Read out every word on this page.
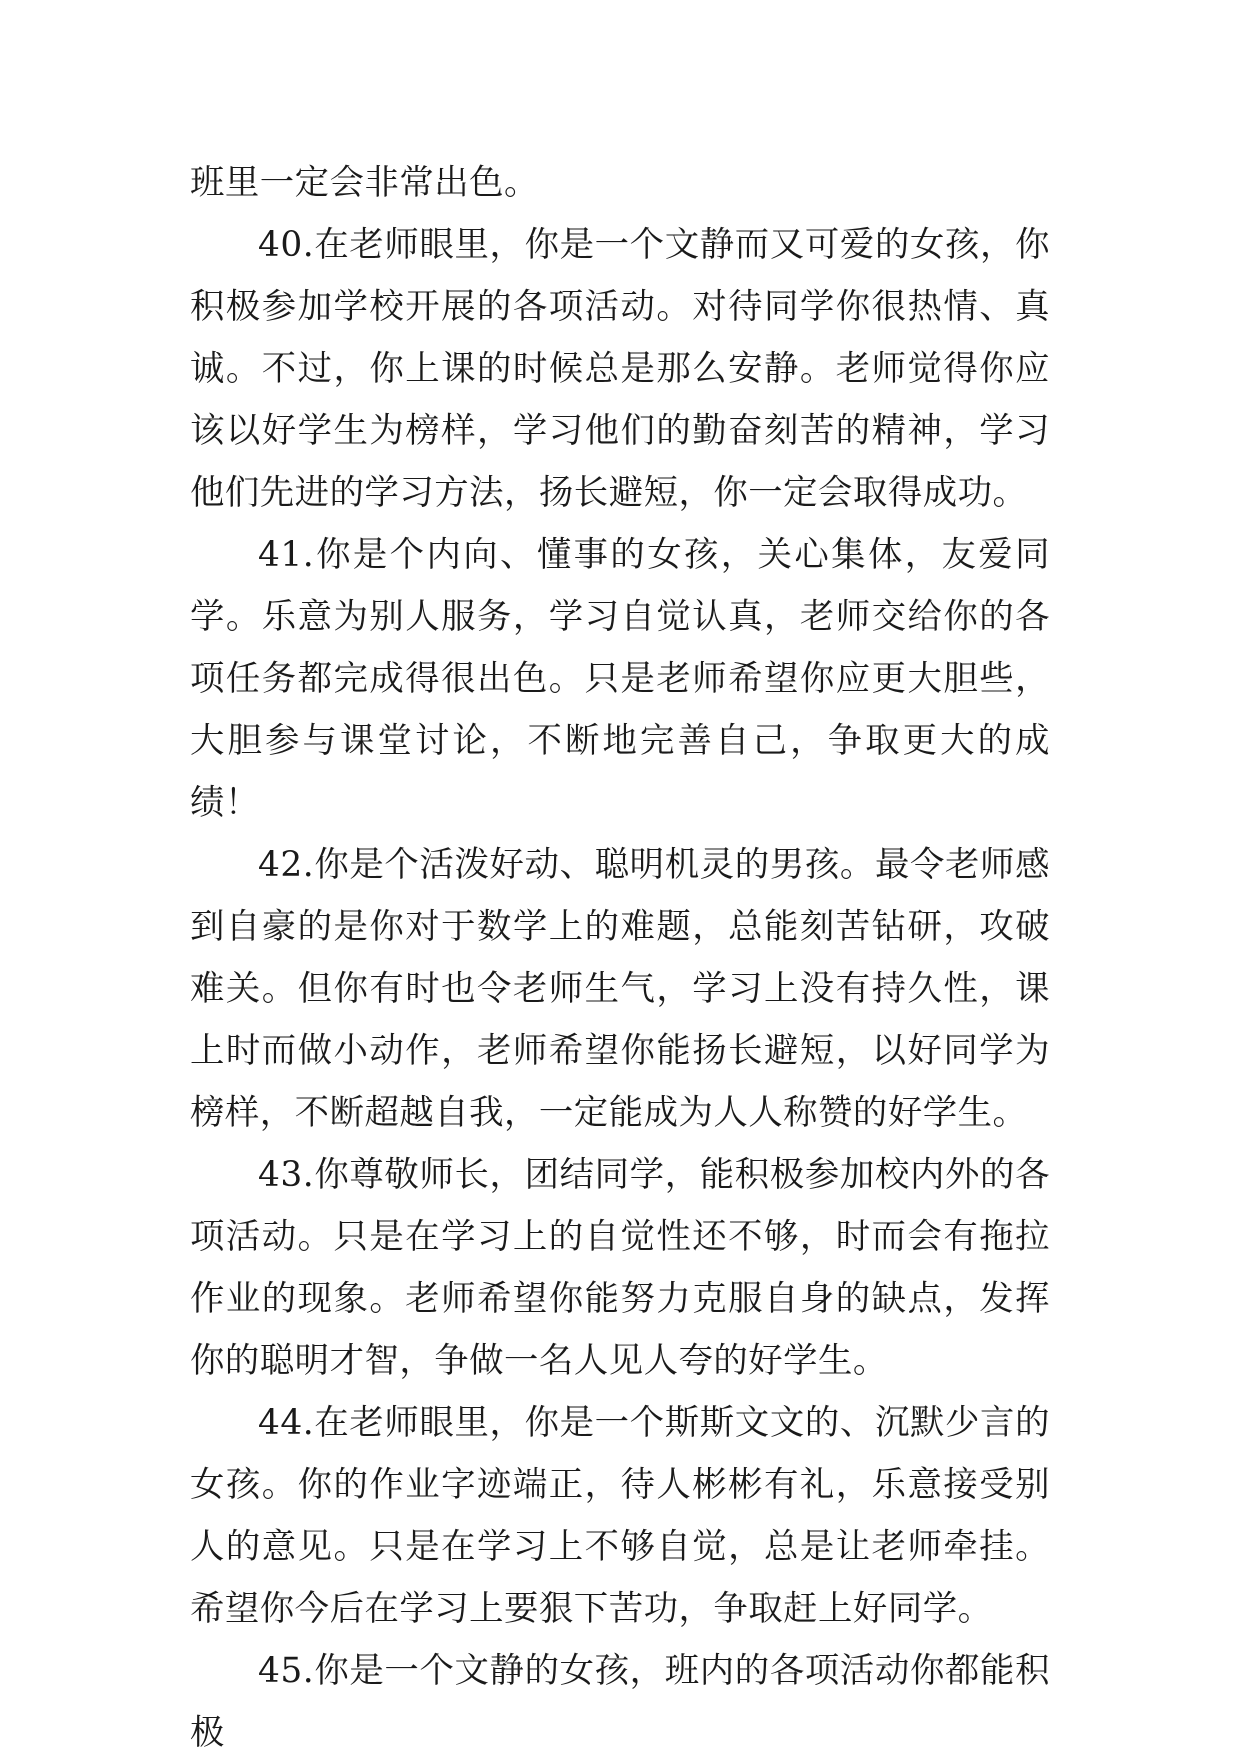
班里一定会非常出色。

40.在老师眼里，你是一个文静而又可爱的女孩，你积极参加学校开展的各项活动。对待同学你很热情、真诚。不过，你上课的时候总是那么安静。老师觉得你应该以好学生为榜样，学习他们的勤奋刻苦的精神，学习他们先进的学习方法，扬长避短，你一定会取得成功。

41.你是个内向、懂事的女孩，关心集体，友爱同学。乐意为别人服务，学习自觉认真，老师交给你的各项任务都完成得很出色。只是老师希望你应更大胆些，大胆参与课堂讨论，不断地完善自己，争取更大的成绩！

42.你是个活泼好动、聪明机灵的男孩。最令老师感到自豪的是你对于数学上的难题，总能刻苦钻研，攻破难关。但你有时也令老师生气，学习上没有持久性，课上时而做小动作，老师希望你能扬长避短，以好同学为榜样，不断超越自我，一定能成为人人称赞的好学生。

43.你尊敬师长，团结同学，能积极参加校内外的各项活动。只是在学习上的自觉性还不够，时而会有拖拉作业的现象。老师希望你能努力克服自身的缺点，发挥你的聪明才智，争做一名人见人夸的好学生。

44.在老师眼里，你是一个斯斯文文的、沉默少言的女孩。你的作业字迹端正，待人彬彬有礼，乐意接受别人的意见。只是在学习上不够自觉，总是让老师牵挂。希望你今后在学习上要狠下苦功，争取赶上好同学。

45.你是一个文静的女孩，班内的各项活动你都能积极
